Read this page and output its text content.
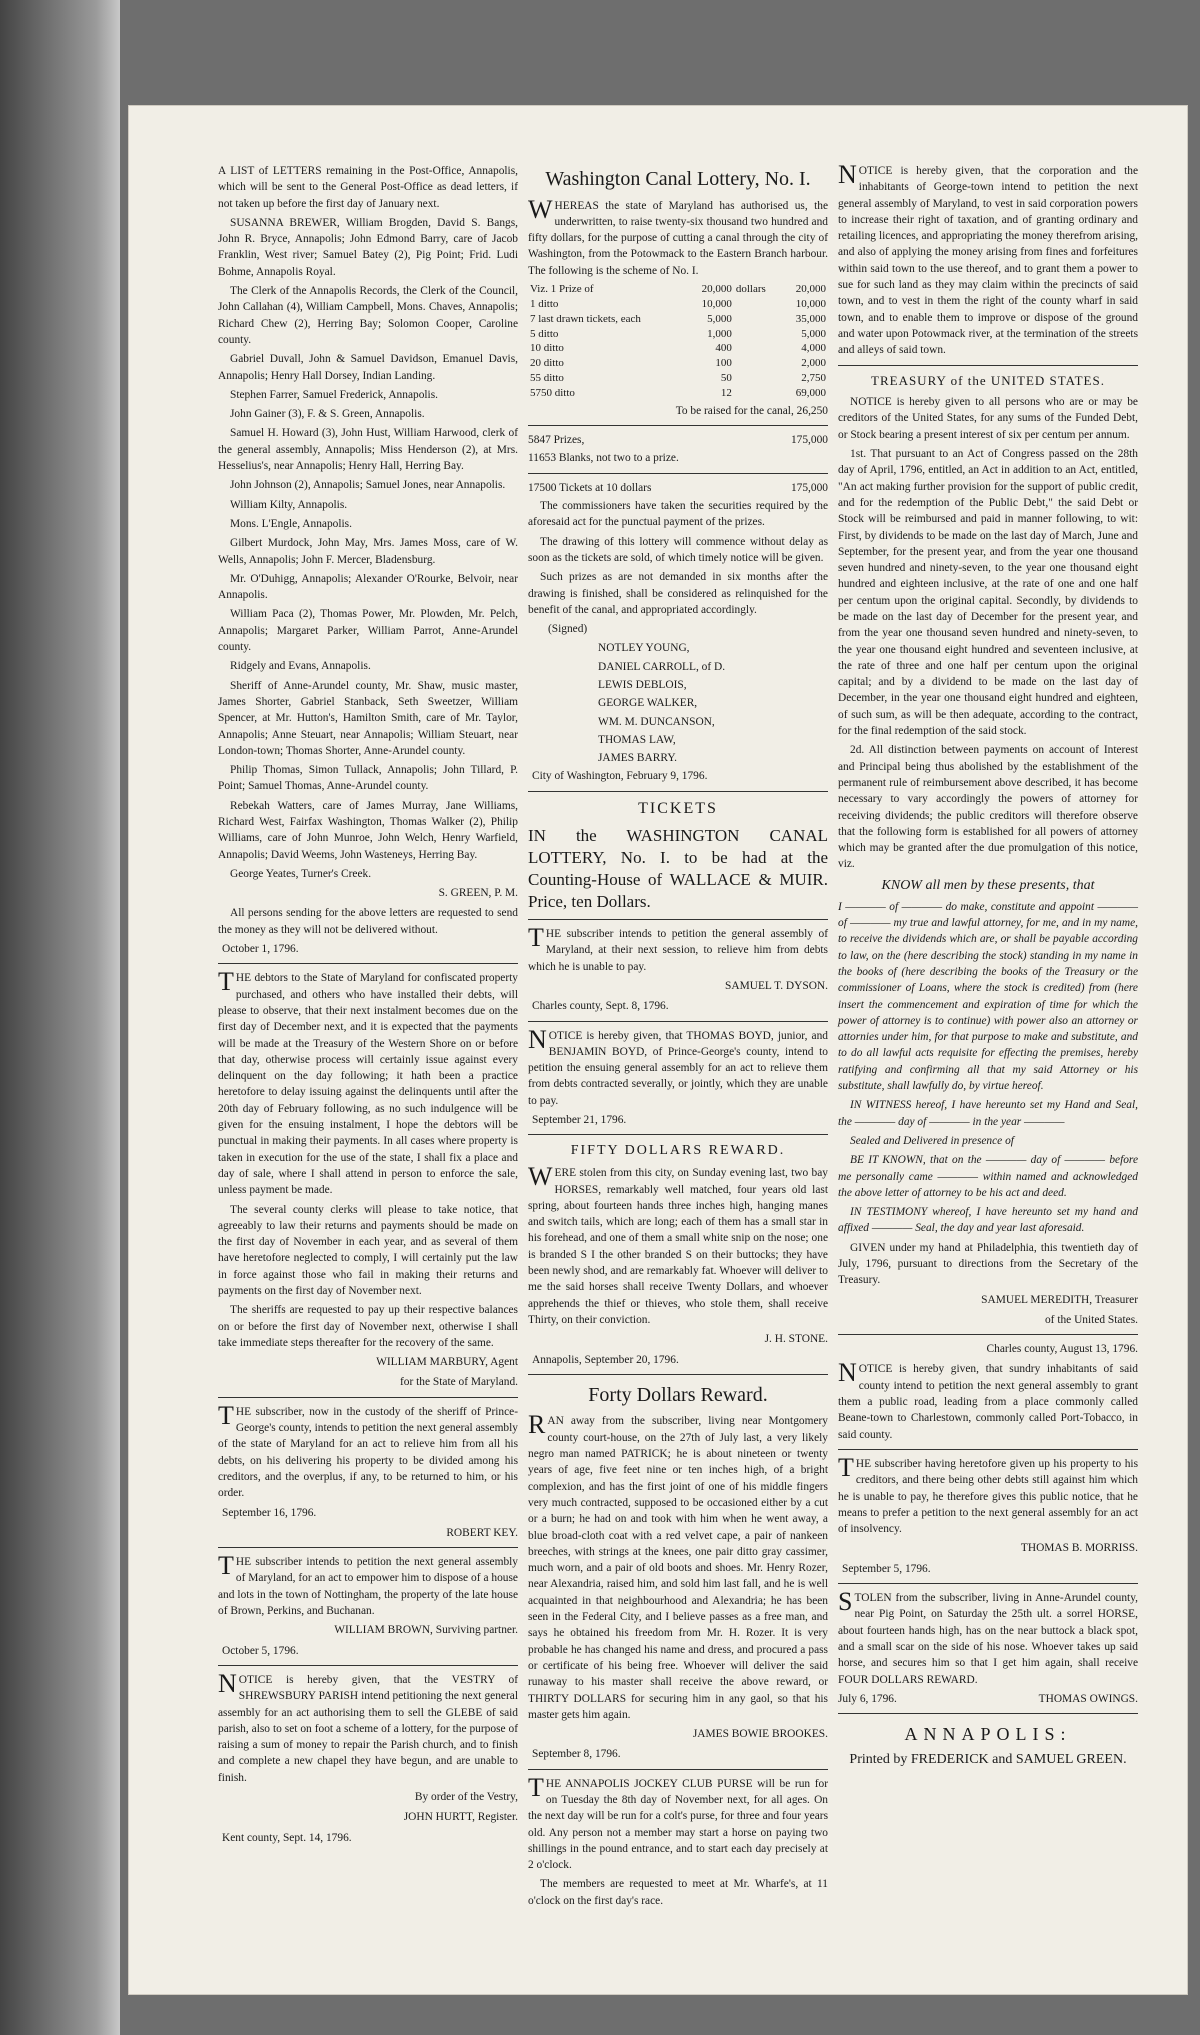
A LIST of LETTERS remaining in the Post-Office, Annapolis, which will be sent to the General Post-Office as dead letters, if not taken up before the first day of January next.

SUSANNA BREWER, William Brogden, David S. Bangs, John R. Bryce, Annapolis; John Edmond Barry, care of Jacob Franklin, West river; Samuel Batey (2), Pig Point; Frid. Ludi Bohme, Annapolis Royal.

The Clerk of the Annapolis Records, the Clerk of the Council, John Callahan (4), William Campbell, Mons. Chaves, Annapolis; Richard Chew (2), Herring Bay; Solomon Cooper, Caroline county.

Gabriel Duvall, John & Samuel Davidson, Emanuel Davis, Annapolis; Henry Hall Dorsey, Indian Landing.

Stephen Farrer, Samuel Frederick, Annapolis.

John Gainer (3), F. & S. Green, Annapolis.

Samuel H. Howard (3), John Hust, William Harwood, clerk of the general assembly, Annapolis; Miss Henderson (2), at Mrs. Hesselius's, near Annapolis; Henry Hall, Herring Bay.

John Johnson (2), Annapolis; Samuel Jones, near Annapolis.

William Kilty, Annapolis.

Mons. L'Engle, Annapolis.

Gilbert Murdock, John May, Mrs. James Moss, care of W. Wells, Annapolis; John F. Mercer, Bladensburg.

Mr. O'Duhigg, Annapolis; Alexander O'Rourke, Belvoir, near Annapolis.

William Paca (2), Thomas Power, Mr. Plowden, Mr. Pelch, Annapolis; Margaret Parker, William Parrot, Anne-Arundel county.

Ridgely and Evans, Annapolis.

Sheriff of Anne-Arundel county, Mr. Shaw, music master, James Shorter, Gabriel Stanback, Seth Sweetzer, William Spencer, at Mr. Hutton's, Hamilton Smith, care of Mr. Taylor, Annapolis; Anne Steuart, near Annapolis; William Steuart, near London-town; Thomas Shorter, Anne-Arundel county.

Philip Thomas, Simon Tullack, Annapolis; John Tillard, P. Point; Samuel Thomas, Anne-Arundel county.

Rebekah Watters, care of James Murray, Jane Williams, Richard West, Fairfax Washington, Thomas Walker (2), Philip Williams, care of John Munroe, John Welch, Henry Warfield, Annapolis; David Weems, John Wasteneys, Herring Bay.

George Yeates, Turner's Creek.

S. GREEN, P. M.

All persons sending for the above letters are requested to send the money as they will not be delivered without.

October 1, 1796.

THE debtors to the State of Maryland for confiscated property purchased, and others who have installed their debts, will please to observe, that their next instalment becomes due on the first day of December next, and it is expected that the payments will be made at the Treasury of the Western Shore on or before that day, otherwise process will certainly issue against every delinquent on the day following; it hath been a practice heretofore to delay issuing against the delinquents until after the 20th day of February following, as no such indulgence will be given for the ensuing instalment, I hope the debtors will be punctual in making their payments. In all cases where property is taken in execution for the use of the state, I shall fix a place and day of sale, where I shall attend in person to enforce the sale, unless payment be made.

The several county clerks will please to take notice, that agreeably to law their returns and payments should be made on the first day of November in each year, and as several of them have heretofore neglected to comply, I will certainly put the law in force against those who fail in making their returns and payments on the first day of November next.

The sheriffs are requested to pay up their respective balances on or before the first day of November next, otherwise I shall take immediate steps thereafter for the recovery of the same.

WILLIAM MARBURY, Agent

for the State of Maryland.

THE subscriber, now in the custody of the sheriff of Prince-George's county, intends to petition the next general assembly of the state of Maryland for an act to relieve him from all his debts, on his delivering his property to be divided among his creditors, and the overplus, if any, to be returned to him, or his order.

September 16, 1796.

ROBERT KEY.

THE subscriber intends to petition the next general assembly of Maryland, for an act to empower him to dispose of a house and lots in the town of Nottingham, the property of the late house of Brown, Perkins, and Buchanan.

WILLIAM BROWN, Surviving partner.

October 5, 1796.

NOTICE is hereby given, that the VESTRY of SHREWSBURY PARISH intend petitioning the next general assembly for an act authorising them to sell the GLEBE of said parish, also to set on foot a scheme of a lottery, for the purpose of raising a sum of money to repair the Parish church, and to finish and complete a new chapel they have begun, and are unable to finish.

By order of the Vestry,

JOHN HURTT, Register.

Kent county, Sept. 14, 1796.

Washington Canal Lottery, No. I.

WHEREAS the state of Maryland has authorised us, the underwritten, to raise twenty-six thousand two hundred and fifty dollars, for the purpose of cutting a canal through the city of Washington, from the Potowmack to the Eastern Branch harbour. The following is the scheme of No. I.

Viz. 1 Prize of	20,000	dollars	20,000
1 ditto	10,000		10,000
7 last drawn tickets, each	5,000		35,000
5 ditto	1,000		5,000
10 ditto	400		4,000
20 ditto	100		2,000
55 ditto	50		2,750
5750 ditto	12		69,000

To be raised for the canal, 26,250

5847 Prizes,	175,000

11653 Blanks, not two to a prize.

17500 Tickets at 10 dollars	175,000

The commissioners have taken the securities required by the aforesaid act for the punctual payment of the prizes.

The drawing of this lottery will commence without delay as soon as the tickets are sold, of which timely notice will be given.

Such prizes as are not demanded in six months after the drawing is finished, shall be considered as relinquished for the benefit of the canal, and appropriated accordingly.

(Signed)

NOTLEY YOUNG,

DANIEL CARROLL, of D.

LEWIS DEBLOIS,

GEORGE WALKER,

WM. M. DUNCANSON,

THOMAS LAW,

JAMES BARRY.

City of Washington, February 9, 1796.

TICKETS

IN the WASHINGTON CANAL LOTTERY, No. I. to be had at the Counting-House of WALLACE & MUIR. Price, ten Dollars.

THE subscriber intends to petition the general assembly of Maryland, at their next session, to relieve him from debts which he is unable to pay.

SAMUEL T. DYSON.

Charles county, Sept. 8, 1796.

NOTICE is hereby given, that THOMAS BOYD, junior, and BENJAMIN BOYD, of Prince-George's county, intend to petition the ensuing general assembly for an act to relieve them from debts contracted severally, or jointly, which they are unable to pay.

September 21, 1796.

FIFTY DOLLARS REWARD.

WERE stolen from this city, on Sunday evening last, two bay HORSES, remarkably well matched, four years old last spring, about fourteen hands three inches high, hanging manes and switch tails, which are long; each of them has a small star in his forehead, and one of them a small white snip on the nose; one is branded S I the other branded S on their buttocks; they have been newly shod, and are remarkably fat. Whoever will deliver to me the said horses shall receive Twenty Dollars, and whoever apprehends the thief or thieves, who stole them, shall receive Thirty, on their conviction.

J. H. STONE.

Annapolis, September 20, 1796.

Forty Dollars Reward.

RAN away from the subscriber, living near Montgomery county court-house, on the 27th of July last, a very likely negro man named PATRICK; he is about nineteen or twenty years of age, five feet nine or ten inches high, of a bright complexion, and has the first joint of one of his middle fingers very much contracted, supposed to be occasioned either by a cut or a burn; he had on and took with him when he went away, a blue broad-cloth coat with a red velvet cape, a pair of nankeen breeches, with strings at the knees, one pair ditto gray cassimer, much worn, and a pair of old boots and shoes. Mr. Henry Rozer, near Alexandria, raised him, and sold him last fall, and he is well acquainted in that neighbourhood and Alexandria; he has been seen in the Federal City, and I believe passes as a free man, and says he obtained his freedom from Mr. H. Rozer. It is very probable he has changed his name and dress, and procured a pass or certificate of his being free. Whoever will deliver the said runaway to his master shall receive the above reward, or THIRTY DOLLARS for securing him in any gaol, so that his master gets him again.

JAMES BOWIE BROOKES.

September 8, 1796.

THE ANNAPOLIS JOCKEY CLUB PURSE will be run for on Tuesday the 8th day of November next, for all ages. On the next day will be run for a colt's purse, for three and four years old. Any person not a member may start a horse on paying two shillings in the pound entrance, and to start each day precisely at 2 o'clock.

The members are requested to meet at Mr. Wharfe's, at 11 o'clock on the first day's race.

NOTICE is hereby given, that the corporation and the inhabitants of George-town intend to petition the next general assembly of Maryland, to vest in said corporation powers to increase their right of taxation, and of granting ordinary and retailing licences, and appropriating the money therefrom arising, and also of applying the money arising from fines and forfeitures within said town to the use thereof, and to grant them a power to sue for such land as they may claim within the precincts of said town, and to vest in them the right of the county wharf in said town, and to enable them to improve or dispose of the ground and water upon Potowmack river, at the termination of the streets and alleys of said town.

TREASURY of the UNITED STATES.

NOTICE is hereby given to all persons who are or may be creditors of the United States, for any sums of the Funded Debt, or Stock bearing a present interest of six per centum per annum.

1st. That pursuant to an Act of Congress passed on the 28th day of April, 1796, entitled, an Act in addition to an Act, entitled, "An act making further provision for the support of public credit, and for the redemption of the Public Debt," the said Debt or Stock will be reimbursed and paid in manner following, to wit: First, by dividends to be made on the last day of March, June and September, for the present year, and from the year one thousand seven hundred and ninety-seven, to the year one thousand eight hundred and eighteen inclusive, at the rate of one and one half per centum upon the original capital. Secondly, by dividends to be made on the last day of December for the present year, and from the year one thousand seven hundred and ninety-seven, to the year one thousand eight hundred and seventeen inclusive, at the rate of three and one half per centum upon the original capital; and by a dividend to be made on the last day of December, in the year one thousand eight hundred and eighteen, of such sum, as will be then adequate, according to the contract, for the final redemption of the said stock.

2d. All distinction between payments on account of Interest and Principal being thus abolished by the establishment of the permanent rule of reimbursement above described, it has become necessary to vary accordingly the powers of attorney for receiving dividends; the public creditors will therefore observe that the following form is established for all powers of attorney which may be granted after the due promulgation of this notice, viz.

KNOW all men by these presents, that

I ———— of ———— do make, constitute and appoint ———— of ———— my true and lawful attorney, for me, and in my name, to receive the dividends which are, or shall be payable according to law, on the (here describing the stock) standing in my name in the books of (here describing the books of the Treasury or the commissioner of Loans, where the stock is credited) from (here insert the commencement and expiration of time for which the power of attorney is to continue) with power also an attorney or attornies under him, for that purpose to make and substitute, and to do all lawful acts requisite for effecting the premises, hereby ratifying and confirming all that my said Attorney or his substitute, shall lawfully do, by virtue hereof.

IN WITNESS hereof, I have hereunto set my Hand and Seal, the ———— day of ———— in the year ————

Sealed and Delivered in presence of

BE IT KNOWN, that on the ———— day of ———— before me personally came ———— within named and acknowledged the above letter of attorney to be his act and deed.

IN TESTIMONY whereof, I have hereunto set my hand and affixed ———— Seal, the day and year last aforesaid.

GIVEN under my hand at Philadelphia, this twentieth day of July, 1796, pursuant to directions from the Secretary of the Treasury.

SAMUEL MEREDITH, Treasurer

of the United States.

Charles county, August 13, 1796.

NOTICE is hereby given, that sundry inhabitants of said county intend to petition the next general assembly to grant them a public road, leading from a place commonly called Beane-town to Charlestown, commonly called Port-Tobacco, in said county.

THE subscriber having heretofore given up his property to his creditors, and there being other debts still against him which he is unable to pay, he therefore gives this public notice, that he means to prefer a petition to the next general assembly for an act of insolvency.

THOMAS B. MORRISS.

September 5, 1796.

STOLEN from the subscriber, living in Anne-Arundel county, near Pig Point, on Saturday the 25th ult. a sorrel HORSE, about fourteen hands high, has on the near buttock a black spot, and a small scar on the side of his nose. Whoever takes up said horse, and secures him so that I get him again, shall receive FOUR DOLLARS REWARD.

July 6, 1796.	THOMAS OWINGS.

ANNAPOLIS:

Printed by FREDERICK and SAMUEL GREEN.
